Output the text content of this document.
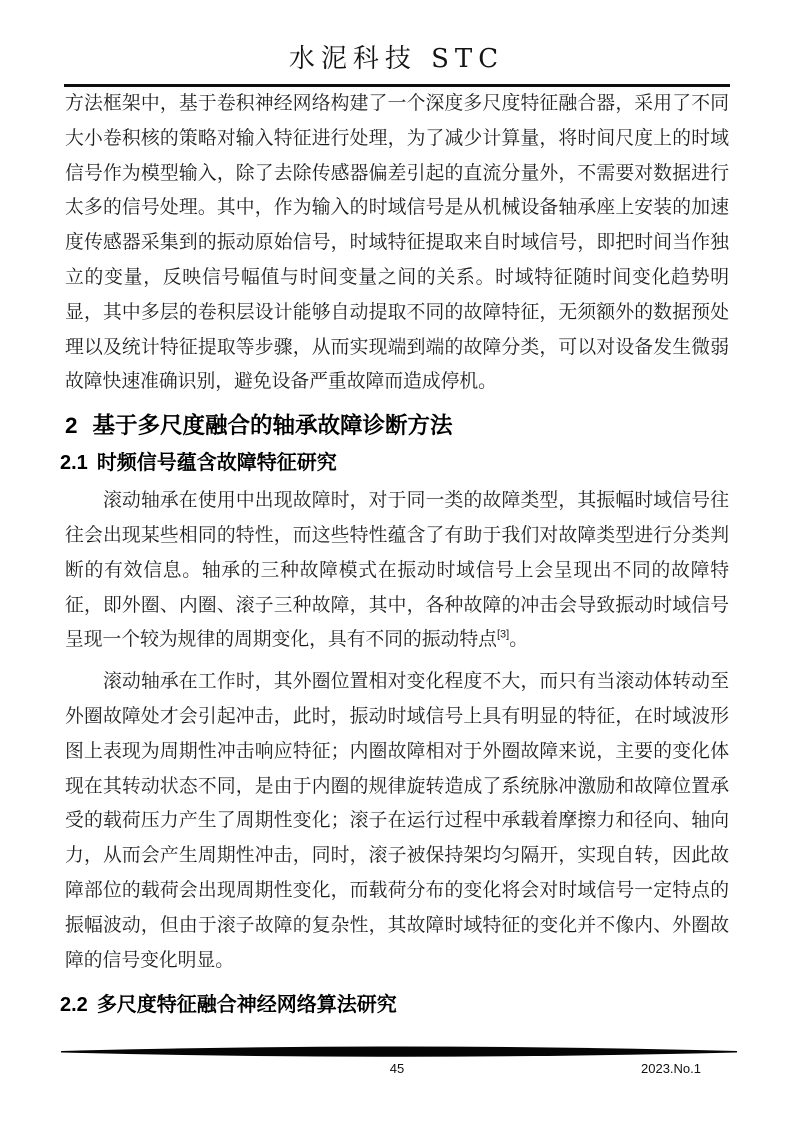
水泥科技 STC
方法框架中，基于卷积神经网络构建了一个深度多尺度特征融合器，采用了不同
大小卷积核的策略对输入特征进行处理，为了减少计算量，将时间尺度上的时域
信号作为模型输入，除了去除传感器偏差引起的直流分量外，不需要对数据进行
太多的信号处理。其中，作为输入的时域信号是从机械设备轴承座上安装的加速
度传感器采集到的振动原始信号，时域特征提取来自时域信号，即把时间当作独
立的变量，反映信号幅值与时间变量之间的关系。时域特征随时间变化趋势明
显，其中多层的卷积层设计能够自动提取不同的故障特征，无须额外的数据预处
理以及统计特征提取等步骤，从而实现端到端的故障分类，可以对设备发生微弱
故障快速准确识别，避免设备严重故障而造成停机。
2 基于多尺度融合的轴承故障诊断方法
2.1 时频信号蕴含故障特征研究
滚动轴承在使用中出现故障时，对于同一类的故障类型，其振幅时域信号往
往会出现某些相同的特性，而这些特性蕴含了有助于我们对故障类型进行分类判
断的有效信息。轴承的三种故障模式在振动时域信号上会呈现出不同的故障特
征，即外圈、内圈、滚子三种故障，其中，各种故障的冲击会导致振动时域信号
呈现一个较为规律的周期变化，具有不同的振动特点[3]。
滚动轴承在工作时，其外圈位置相对变化程度不大，而只有当滚动体转动至
外圈故障处才会引起冲击，此时，振动时域信号上具有明显的特征，在时域波形
图上表现为周期性冲击响应特征；内圈故障相对于外圈故障来说，主要的变化体
现在其转动状态不同，是由于内圈的规律旋转造成了系统脉冲激励和故障位置承
受的载荷压力产生了周期性变化；滚子在运行过程中承载着摩擦力和径向、轴向
力，从而会产生周期性冲击，同时，滚子被保持架均匀隔开，实现自转，因此故
障部位的载荷会出现周期性变化，而载荷分布的变化将会对时域信号一定特点的
振幅波动，但由于滚子故障的复杂性，其故障时域特征的变化并不像内、外圈故
障的信号变化明显。
2.2 多尺度特征融合神经网络算法研究
45	2023.No.1
